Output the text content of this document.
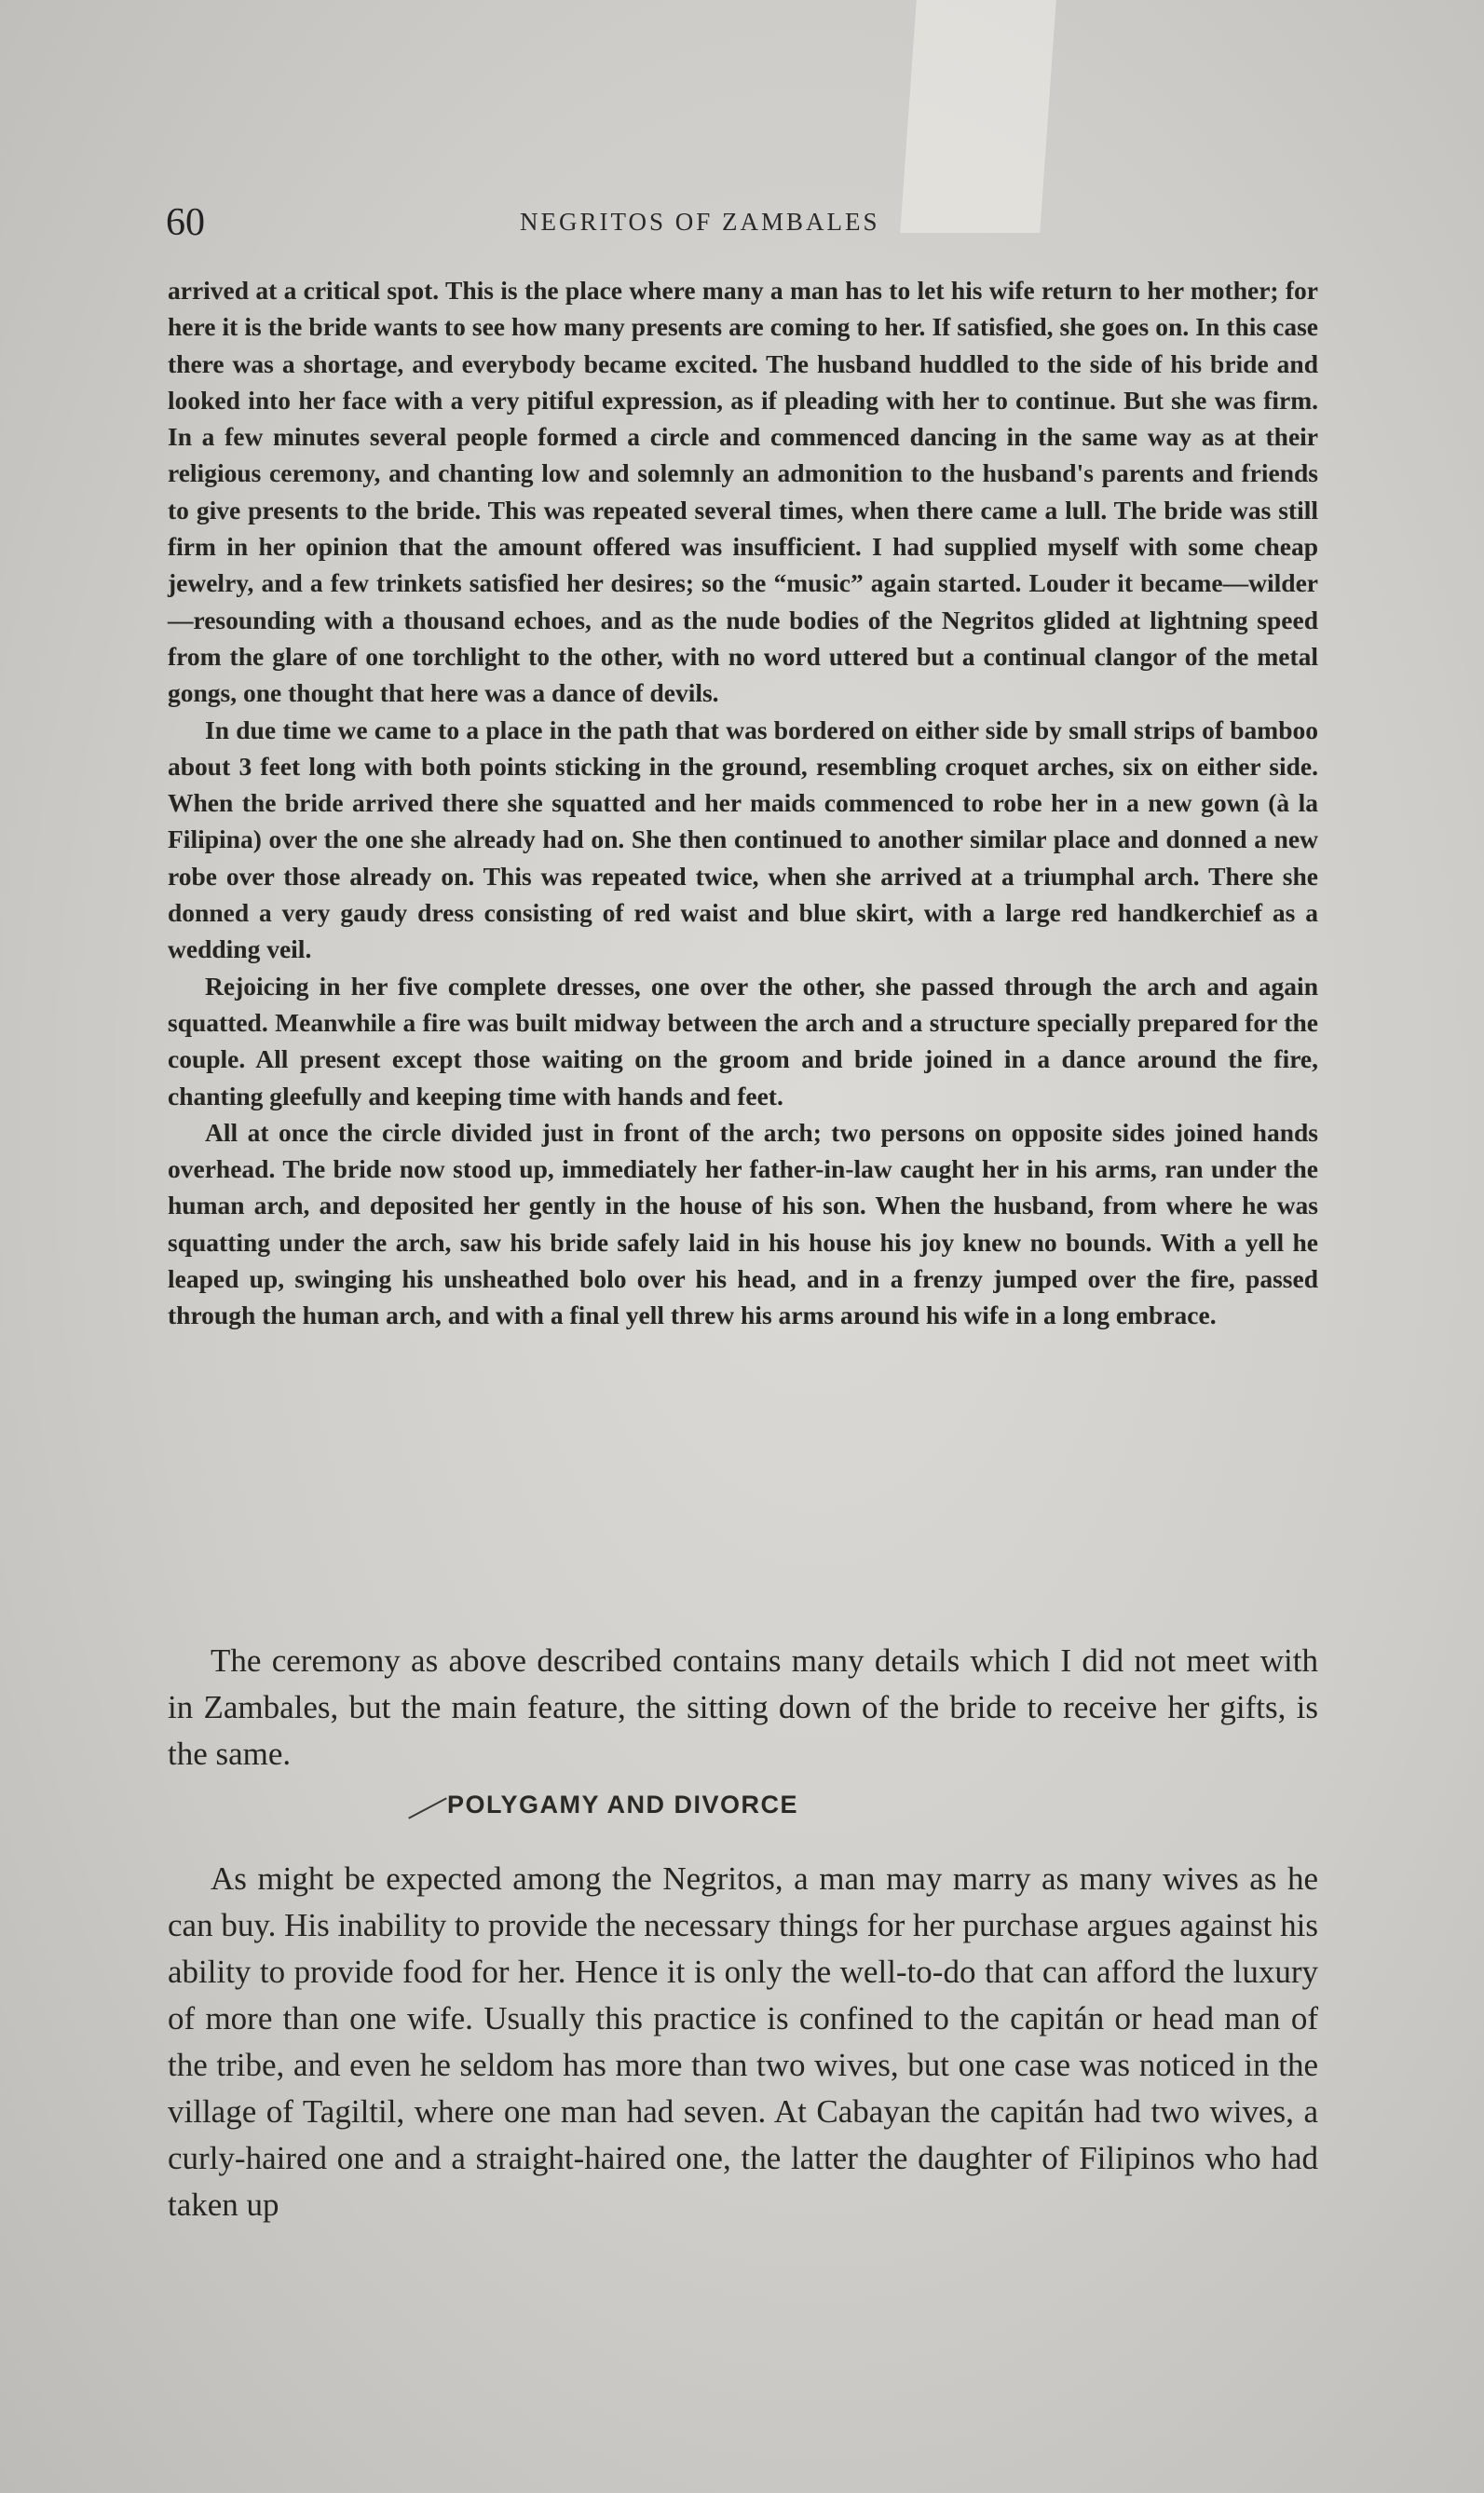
60	NEGRITOS OF ZAMBALES

arrived at a critical spot. This is the place where many a man has to let his wife return to her mother; for here it is the bride wants to see how many presents are coming to her. If satisfied, she goes on. In this case there was a shortage, and everybody became excited. The husband huddled to the side of his bride and looked into her face with a very pitiful expression, as if pleading with her to continue. But she was firm. In a few minutes several people formed a circle and commenced dancing in the same way as at their religious ceremony, and chanting low and solemnly an admonition to the husband's parents and friends to give presents to the bride. This was repeated several times, when there came a lull. The bride was still firm in her opinion that the amount offered was insufficient. I had supplied myself with some cheap jewelry, and a few trinkets satisfied her desires; so the “music” again started. Louder it became—wilder—resounding with a thousand echoes, and as the nude bodies of the Negritos glided at lightning speed from the glare of one torchlight to the other, with no word uttered but a continual clangor of the metal gongs, one thought that here was a dance of devils.

In due time we came to a place in the path that was bordered on either side by small strips of bamboo about 3 feet long with both points sticking in the ground, resembling croquet arches, six on either side. When the bride arrived there she squatted and her maids commenced to robe her in a new gown (à la Filipina) over the one she already had on. She then continued to another similar place and donned a new robe over those already on. This was repeated twice, when she arrived at a triumphal arch. There she donned a very gaudy dress consisting of red waist and blue skirt, with a large red handkerchief as a wedding veil.

Rejoicing in her five complete dresses, one over the other, she passed through the arch and again squatted. Meanwhile a fire was built midway between the arch and a structure specially prepared for the couple. All present except those waiting on the groom and bride joined in a dance around the fire, chanting gleefully and keeping time with hands and feet.

All at once the circle divided just in front of the arch; two persons on opposite sides joined hands overhead. The bride now stood up, immediately her father-in-law caught her in his arms, ran under the human arch, and deposited her gently in the house of his son. When the husband, from where he was squatting under the arch, saw his bride safely laid in his house his joy knew no bounds. With a yell he leaped up, swinging his unsheathed bolo over his head, and in a frenzy jumped over the fire, passed through the human arch, and with a final yell threw his arms around his wife in a long embrace.

The ceremony as above described contains many details which I did not meet with in Zambales, but the main feature, the sitting down of the bride to receive her gifts, is the same.

POLYGAMY AND DIVORCE

As might be expected among the Negritos, a man may marry as many wives as he can buy. His inability to provide the necessary things for her purchase argues against his ability to provide food for her. Hence it is only the well-to-do that can afford the luxury of more than one wife. Usually this practice is confined to the capitán or head man of the tribe, and even he seldom has more than two wives, but one case was noticed in the village of Tagiltil, where one man had seven. At Cabayan the capitán had two wives, a curly-haired one and a straight-haired one, the latter the daughter of Filipinos who had taken up
